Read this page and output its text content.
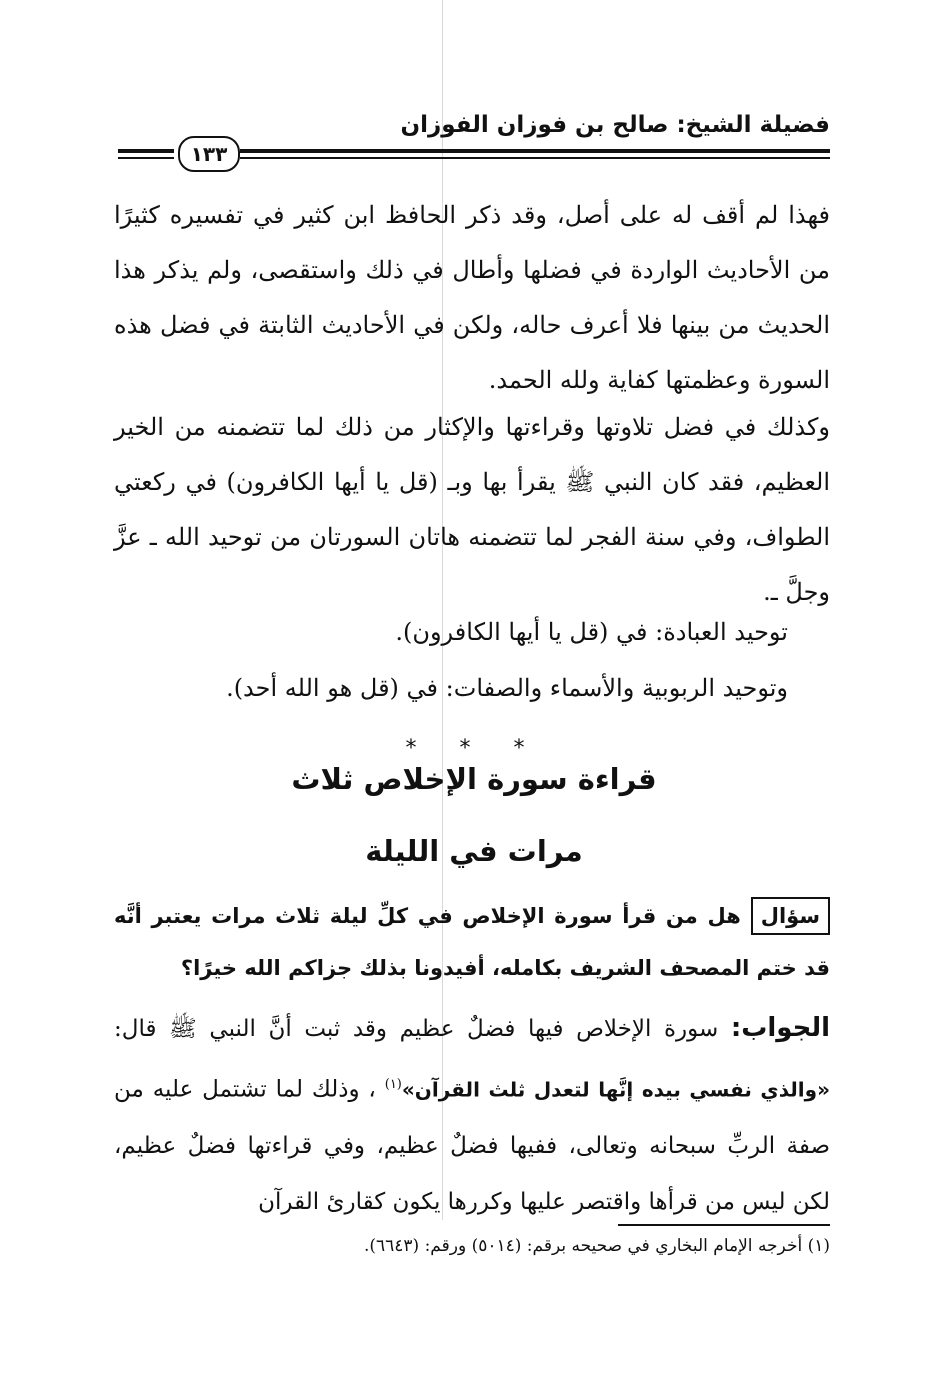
فضيلة الشيخ: صالح بن فوزان الفوزان
١٣٣
فهذا لم أقف له على أصل، وقد ذكر الحافظ ابن كثير في تفسيره كثيرًا من الأحاديث الواردة في فضلها وأطال في ذلك واستقصى، ولم يذكر هذا الحديث من بينها فلا أعرف حاله، ولكن في الأحاديث الثابتة في فضل هذه السورة وعظمتها كفاية ولله الحمد.
وكذلك في فضل تلاوتها وقراءتها والإكثار من ذلك لما تتضمنه من الخير العظيم، فقد كان النبي ﷺ يقرأ بها وبـ (قل يا أيها الكافرون) في ركعتي الطواف، وفي سنة الفجر لما تتضمنه هاتان السورتان من توحيد الله ـ عزَّ وجلَّ ـ.
توحيد العبادة: في (قل يا أيها الكافرون).
وتوحيد الربوبية والأسماء والصفات: في (قل هو الله أحد).
* * *
قراءة سورة الإخلاص ثلاث
مرات في الليلة
سؤالهل من قرأ سورة الإخلاص في كلِّ ليلة ثلاث مرات يعتبر أنَّه قد ختم المصحف الشريف بكامله، أفيدونا بذلك جزاكم الله خيرًا؟
الجواب: سورة الإخلاص فيها فضلٌ عظيم وقد ثبت أنَّ النبي ﷺ قال: «والذي نفسي بيده إنَّها لتعدل ثلث القرآن»$^{(١)}$ ، وذلك لما تشتمل عليه من صفة الربِّ سبحانه وتعالى، ففيها فضلٌ عظيم، وفي قراءتها فضلٌ عظيم، لكن ليس من قرأها واقتصر عليها وكررها يكون كقارئ القرآن
(١) أخرجه الإمام البخاري في صحيحه برقم: (٥٠١٤) ورقم: (٦٦٤٣).
